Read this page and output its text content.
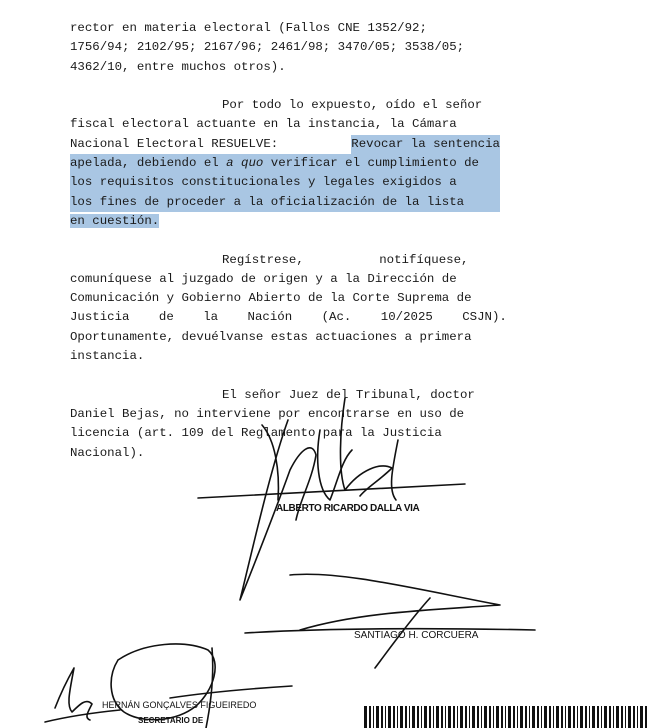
rector en materia electoral (Fallos CNE 1352/92;
1756/94; 2102/95; 2167/96; 2461/98; 3470/05; 3538/05;
4362/10, entre muchos otros).
Por todo lo expuesto, oído el señor
fiscal electoral actuante en la instancia, la Cámara
Nacional Electoral RESUELVE:	Revocar la sentencia
apelada, debiendo el a quo verificar el cumplimiento de
los requisitos constitucionales y legales exigidos a
los fines de proceder a la oficialización de la lista
en cuestión.
Regístrese, notifíquese,
comuníquese al juzgado de origen y a la Dirección de
Comunicación y Gobierno Abierto de la Corte Suprema de
Justicia de la Nación (Ac. 10/2025 CSJN).
Oportunamente, devuélvanse estas actuaciones a primera
instancia.
El señor Juez del Tribunal, doctor
Daniel Bejas, no interviene por encontrarse en uso de
licencia (art. 109 del Reglamento para la Justicia
Nacional).
ALBERTO RICARDO DALLA VIA
SANTIAGO H. CORCUERA
HERNÁN GONÇALVES FIGUEIREDO
SECRETARIO DE
